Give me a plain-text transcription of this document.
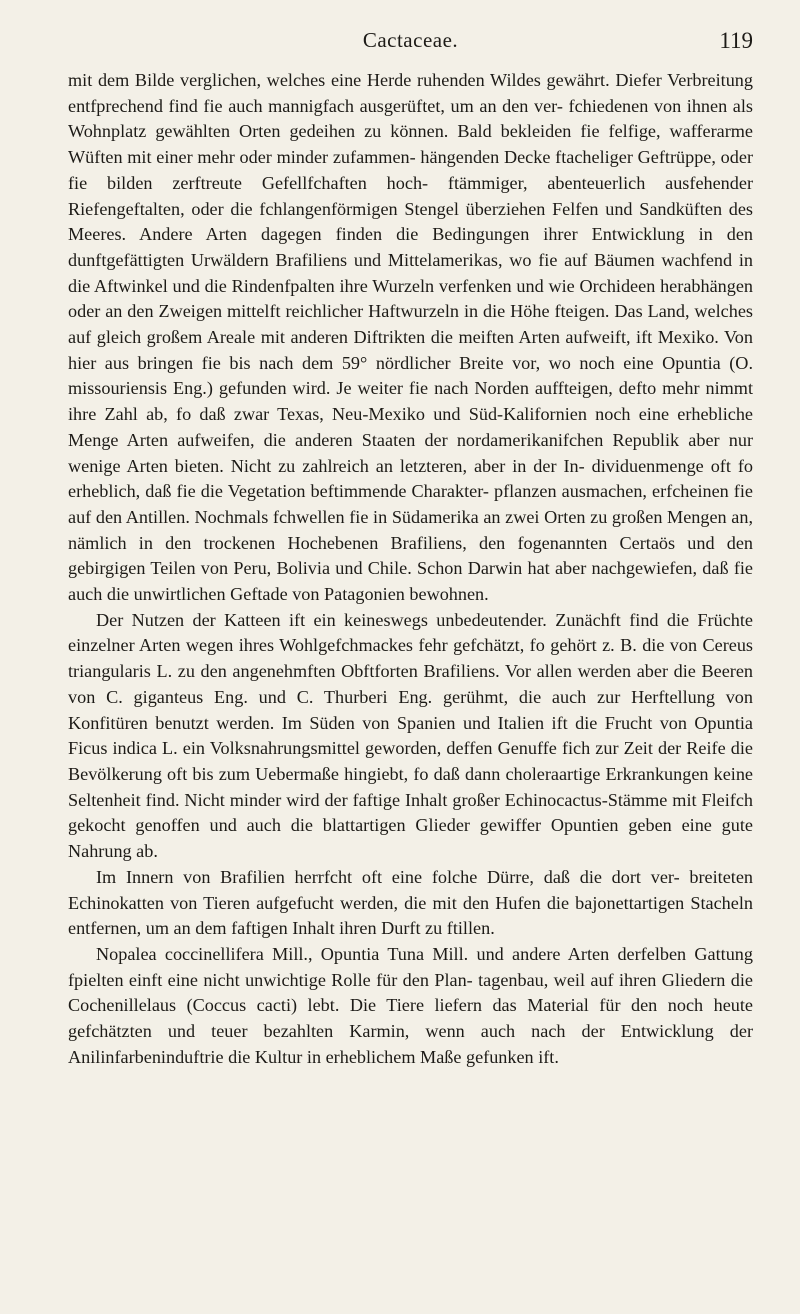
Cactaceae.	119

mit dem Bilde verglichen, welches eine Herde ruhenden Wildes gewährt. Diefer Verbreitung entfprechend find fie auch mannigfach ausgerüftet, um an den ver- fchiedenen von ihnen als Wohnplatz gewählten Orten gedeihen zu können. Bald bekleiden fie felfige, wafferarme Wüften mit einer mehr oder minder zufammen- hängenden Decke ftacheliger Geftrüppe, oder fie bilden zerftreute Gefellfchaften hoch- ftämmiger, abenteuerlich ausfehender Riefengeftalten, oder die fchlangenförmigen Stengel überziehen Felfen und Sandküften des Meeres. Andere Arten dagegen finden die Bedingungen ihrer Entwicklung in den dunftgefättigten Urwäldern Brafiliens und Mittelamerikas, wo fie auf Bäumen wachfend in die Aftwinkel und die Rindenfpalten ihre Wurzeln verfenken und wie Orchideen herabhängen oder an den Zweigen mittelft reichlicher Haftwurzeln in die Höhe fteigen. Das Land, welches auf gleich großem Areale mit anderen Diftrikten die meiften Arten aufweift, ift Mexiko. Von hier aus bringen fie bis nach dem 59° nördlicher Breite vor, wo noch eine Opuntia (O. missouriensis Eng.) gefunden wird. Je weiter fie nach Norden auffteigen, defto mehr nimmt ihre Zahl ab, fo daß zwar Texas, Neu-Mexiko und Süd-Kalifornien noch eine erhebliche Menge Arten aufweifen, die anderen Staaten der nordamerikanifchen Republik aber nur wenige Arten bieten. Nicht zu zahlreich an letzteren, aber in der In- dividuenmenge oft fo erheblich, daß fie die Vegetation beftimmende Charakter- pflanzen ausmachen, erfcheinen fie auf den Antillen. Nochmals fchwellen fie in Südamerika an zwei Orten zu großen Mengen an, nämlich in den trockenen Hochebenen Brafiliens, den fogenannten Certaös und den gebirgigen Teilen von Peru, Bolivia und Chile. Schon Darwin hat aber nachgewiefen, daß fie auch die unwirtlichen Geftade von Patagonien bewohnen.

Der Nutzen der Katteen ift ein keineswegs unbedeutender. Zunächft find die Früchte einzelner Arten wegen ihres Wohlgefchmackes fehr gefchätzt, fo gehört z. B. die von Cereus triangularis L. zu den angenehmften Obftforten Brafiliens. Vor allen werden aber die Beeren von C. giganteus Eng. und C. Thurberi Eng. gerühmt, die auch zur Herftellung von Konfitüren benutzt werden. Im Süden von Spanien und Italien ift die Frucht von Opuntia Ficus indica L. ein Volksnahrungsmittel geworden, deffen Genuffe fich zur Zeit der Reife die Bevölkerung oft bis zum Uebermaße hingiebt, fo daß dann choleraartige Erkrankungen keine Seltenheit find. Nicht minder wird der faftige Inhalt großer Echinocactus-Stämme mit Fleifch gekocht genoffen und auch die blattartigen Glieder gewiffer Opuntien geben eine gute Nahrung ab.

Im Innern von Brafilien herrfcht oft eine folche Dürre, daß die dort ver- breiteten Echinokatten von Tieren aufgefucht werden, die mit den Hufen die bajonettartigen Stacheln entfernen, um an dem faftigen Inhalt ihren Durft zu ftillen.

Nopalea coccinellifera Mill., Opuntia Tuna Mill. und andere Arten derfelben Gattung fpielten einft eine nicht unwichtige Rolle für den Plan- tagenbau, weil auf ihren Gliedern die Cochenillelaus (Coccus cacti) lebt. Die Tiere liefern das Material für den noch heute gefchätzten und teuer bezahlten Karmin, wenn auch nach der Entwicklung der Anilinfarbeninduftrie die Kultur in erheblichem Maße gefunken ift.
